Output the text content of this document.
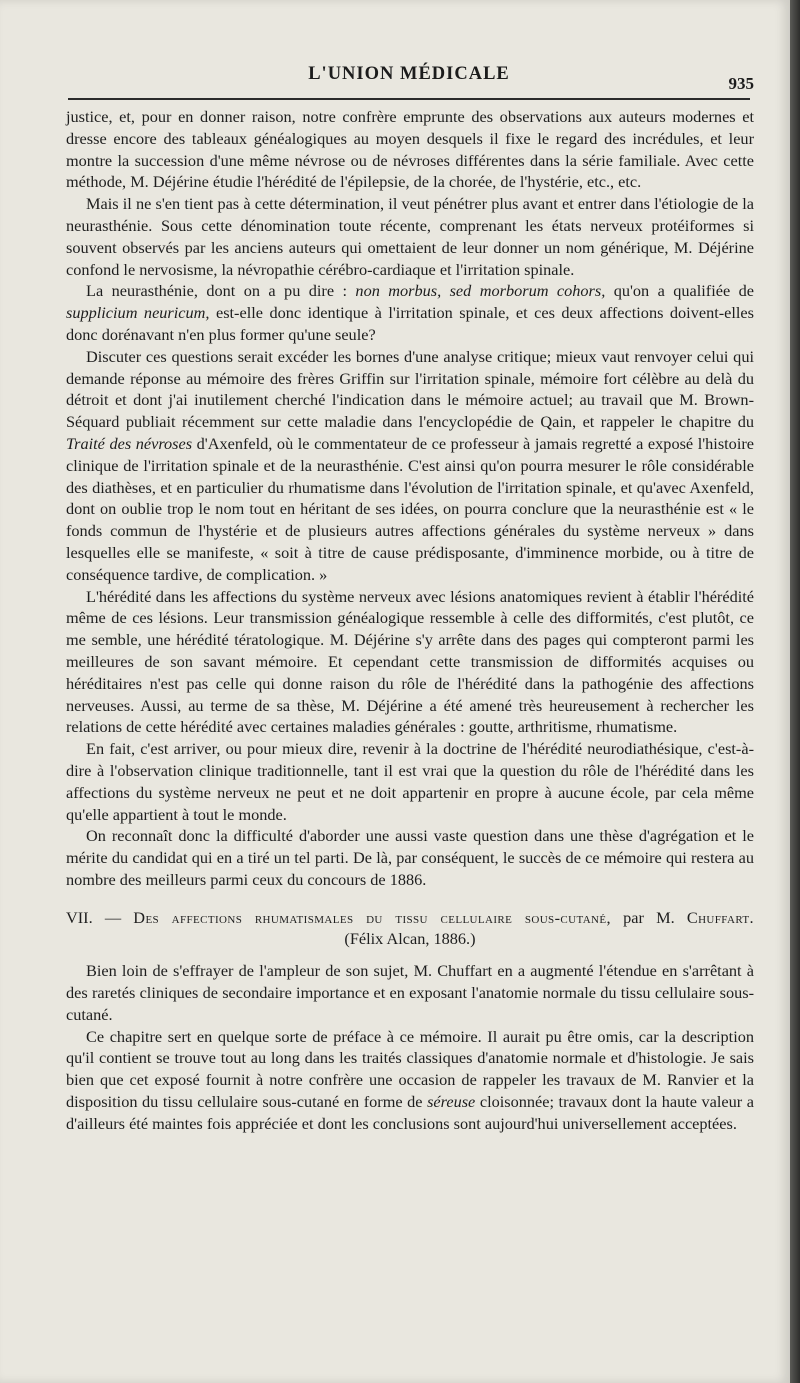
L'UNION MÉDICALE	935

justice, et, pour en donner raison, notre confrère emprunte des observations aux auteurs modernes et dresse encore des tableaux généalogiques au moyen desquels il fixe le regard des incrédules, et leur montre la succession d'une même névrose ou de névroses différentes dans la série familiale. Avec cette méthode, M. Déjérine étudie l'hérédité de l'épilepsie, de la chorée, de l'hystérie, etc., etc.

Mais il ne s'en tient pas à cette détermination, il veut pénétrer plus avant et entrer dans l'étiologie de la neurasthénie. Sous cette dénomination toute récente, comprenant les états nerveux protéiformes si souvent observés par les anciens auteurs qui omettaient de leur donner un nom générique, M. Déjérine confond le nervosisme, la névropathie cérébro-cardiaque et l'irritation spinale.

La neurasthénie, dont on a pu dire : non morbus, sed morborum cohors, qu'on a qualifiée de supplicium neuricum, est-elle donc identique à l'irritation spinale, et ces deux affections doivent-elles donc dorénavant n'en plus former qu'une seule?

Discuter ces questions serait excéder les bornes d'une analyse critique; mieux vaut renvoyer celui qui demande réponse au mémoire des frères Griffin sur l'irritation spinale, mémoire fort célèbre au delà du détroit et dont j'ai inutilement cherché l'indication dans le mémoire actuel; au travail que M. Brown-Séquard publiait récemment sur cette maladie dans l'encyclopédie de Qain, et rappeler le chapitre du Traité des névroses d'Axenfeld, où le commentateur de ce professeur à jamais regretté a exposé l'histoire clinique de l'irritation spinale et de la neurasthénie. C'est ainsi qu'on pourra mesurer le rôle considérable des diathèses, et en particulier du rhumatisme dans l'évolution de l'irritation spinale, et qu'avec Axenfeld, dont on oublie trop le nom tout en héritant de ses idées, on pourra conclure que la neurasthénie est « le fonds commun de l'hystérie et de plusieurs autres affections générales du système nerveux » dans lesquelles elle se manifeste, « soit à titre de cause prédisposante, d'imminence morbide, ou à titre de conséquence tardive, de complication. »

L'hérédité dans les affections du système nerveux avec lésions anatomiques revient à établir l'hérédité même de ces lésions. Leur transmission généalogique ressemble à celle des difformités, c'est plutôt, ce me semble, une hérédité tératologique. M. Déjérine s'y arrête dans des pages qui compteront parmi les meilleures de son savant mémoire. Et cependant cette transmission de difformités acquises ou héréditaires n'est pas celle qui donne raison du rôle de l'hérédité dans la pathogénie des affections nerveuses. Aussi, au terme de sa thèse, M. Déjérine a été amené très heureusement à rechercher les relations de cette hérédité avec certaines maladies générales : goutte, arthritisme, rhumatisme.

En fait, c'est arriver, ou pour mieux dire, revenir à la doctrine de l'hérédité neurodiathésique, c'est-à-dire à l'observation clinique traditionnelle, tant il est vrai que la question du rôle de l'hérédité dans les affections du système nerveux ne peut et ne doit appartenir en propre à aucune école, par cela même qu'elle appartient à tout le monde.

On reconnaît donc la difficulté d'aborder une aussi vaste question dans une thèse d'agrégation et le mérite du candidat qui en a tiré un tel parti. De là, par conséquent, le succès de ce mémoire qui restera au nombre des meilleurs parmi ceux du concours de 1886.

VII. — Des affections rhumatismales du tissu cellulaire sous-cutané, par M. Chuffart.
(Félix Alcan, 1886.)

Bien loin de s'effrayer de l'ampleur de son sujet, M. Chuffart en a augmenté l'étendue en s'arrêtant à des raretés cliniques de secondaire importance et en exposant l'anatomie normale du tissu cellulaire sous-cutané.

Ce chapitre sert en quelque sorte de préface à ce mémoire. Il aurait pu être omis, car la description qu'il contient se trouve tout au long dans les traités classiques d'anatomie normale et d'histologie. Je sais bien que cet exposé fournit à notre confrère une occasion de rappeler les travaux de M. Ranvier et la disposition du tissu cellulaire sous-cutané en forme de séreuse cloisonnée; travaux dont la haute valeur a d'ailleurs été maintes fois appréciée et dont les conclusions sont aujourd'hui universellement acceptées.
